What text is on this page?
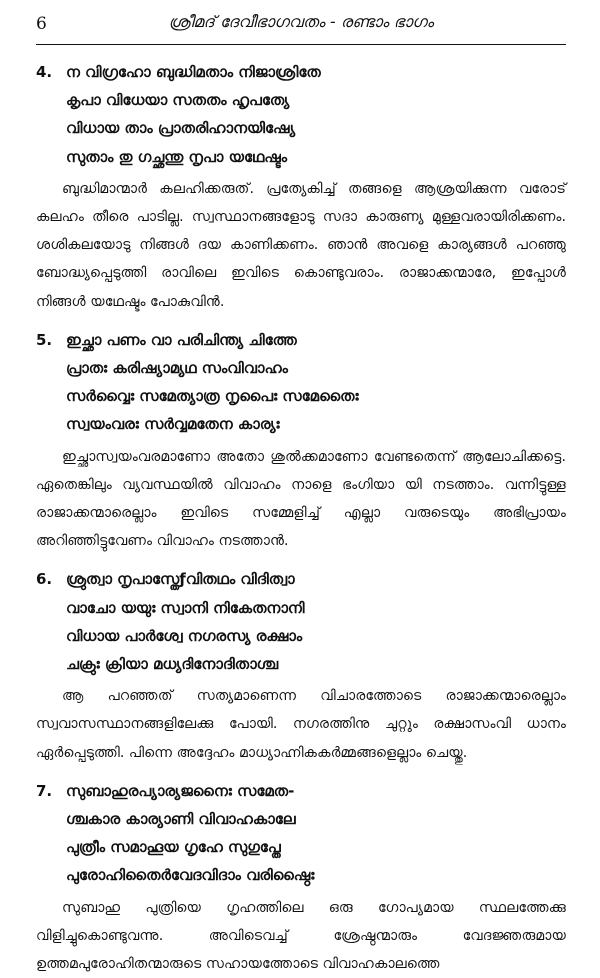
6	ശ്രീമദ് ദേവീഭാഗവതം - രണ്ടാം ഭാഗം
4. ന വിഗ്രഹോ ബുദ്ധിമതാം നിജാശ്രിതേ
കൃപാ വിധേയാ സതതം ഹൃപത്യേ
വിധായ താം പ്രാതരിഹാനയിഷ്യേ
സുതാം തു ഗച്ഛന്തു നൃപാ യഥേഷ്ടം

ബുദ്ധിമാന്മാർ കലഹിക്കരുത്. പ്രത്യേകിച്ച് തങ്ങളെ ആശ്രയിക്കുന്ന വരോട് കലഹം തീരെ പാടില്ല. സ്വസ്ഥാനങ്ങളോടു സദാ കാരുണ്യ മുള്ളവരായിരിക്കണം. ശശികലയോടു നിങ്ങൾ ദയ കാണിക്കണം. ഞാൻ അവളെ കാര്യങ്ങൾ പറഞ്ഞു ബോദ്ധ്യപ്പെടുത്തി രാവിലെ ഇവിടെ കൊണ്ടുവരാം. രാജാക്കന്മാരേ, ഇപ്പോൾ നിങ്ങൾ യഥേഷ്ടം പോകുവിൻ.

5. ഇച്ഛാ പണം വാ പരിചിന്ത്യ ചിത്തേ
പ്രാതഃ കരിഷ്യാമ്യഥ സംവിവാഹം
സർവ്വൈഃ സമേത്യാത്ര നൃപൈഃ സമേതൈഃ
സ്വയംവരഃ സർവ്വമതേന കാര്യഃ

ഇച്ഛാസ്വയംവരമാണോ അതോ ശുൽക്കമാണോ വേണ്ടതെന്ന് ആലോചിക്കട്ടെ. ഏതെങ്കിലും വ്യവസ്ഥയിൽ വിവാഹം നാളെ ഭംഗിയാ യി നടത്താം. വന്നിട്ടുള്ള രാജാക്കന്മാരെല്ലാം ഇവിടെ സമ്മേളിച്ച് എല്ലാ വരുടെയും അഭിപ്രായം അറിഞ്ഞിട്ടുവേണം വിവാഹം നടത്താൻ.

6. ശ്രുത്വാ നൃപാസ്തേƒവിതഥം വിദിത്വാ
വാചോ യയുഃ സ്വാനി നികേതനാനി
വിധായ പാർശ്വേ നഗരസ്യ രക്ഷാം
ചക്രുഃ ക്രിയാ മധ്യദിനോദിതാശ്ച

ആ പറഞ്ഞത് സത്യമാണെന്ന വിചാരത്തോടെ രാജാക്കന്മാരെല്ലാം സ്വവാസസ്ഥാനങ്ങളിലേക്കു പോയി. നഗരത്തിനു ചുറ്റും രക്ഷാസംവി ധാനം ഏർപ്പെടുത്തി. പിന്നെ അദ്ദേഹം മാധ്യാഹ്നികകർമ്മങ്ങളെല്ലാം ചെയ്തു.

7. സുബാഹുരപ്യാര്യജനൈഃ സമേത-
ശ്ചകാര കാര്യാണി വിവാഹകാലേ
പുത്രീം സമാഹൂയ ഗൃഹേ സുഗുപ്തേ
പുരോഹിതൈർവേദവിദാം വരിഷ്ഠൈഃ

സുബാഹു പുത്രിയെ ഗൃഹത്തിലെ ഒരു ഗോപ്യമായ സ്ഥലത്തേക്കു വിളിച്ചുകൊണ്ടുവന്നു. അവിടെവച്ച് ശ്രേഷ്ഠന്മാരും വേദജ്ഞരുമായ ഉത്തമപുരോഹിതന്മാരുടെ സഹായത്തോടെ വിവാഹകാലത്തെ
